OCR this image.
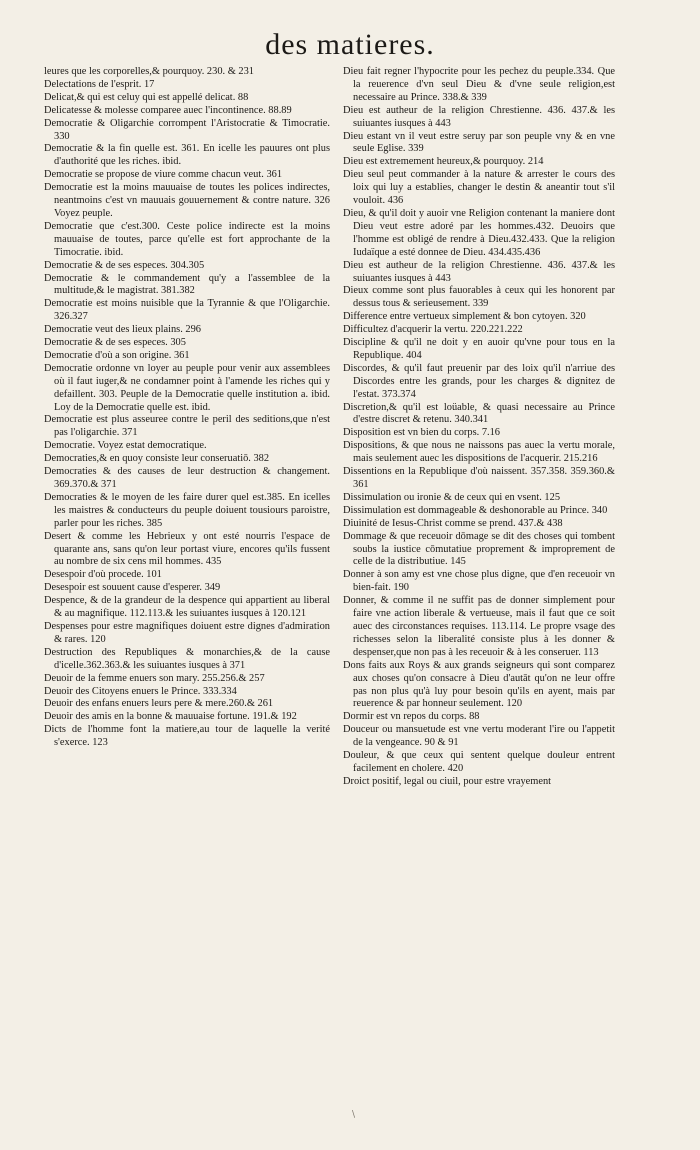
des matieres.

leures que les corporelles,& pourquoy. 230. & 231

Delectations de l'esprit. 17

Delicat,& qui est celuy qui est appellé delicat. 88

Delicatesse & molesse comparee auec l'incontinence. 88.89

Democratie & Oligarchie corrompent l'Aristocratie & Timocratie. 330

Democratie & la fin quelle est. 361. En icelle les pauures ont plus d'authorité que les riches. ibid.

Democratie se propose de viure comme chacun veut. 361

Democratie est la moins mauuaise de toutes les polices indirectes, neantmoins c'est vn mauuais gouuernement & contre nature. 326 Voyez peuple.

Democratie que c'est.300. Ceste police indirecte est la moins mauuaise de toutes, parce qu'elle est fort approchante de la Timocratie. ibid.

Democratie & de ses especes. 304.305

Democratie & le commandement qu'y a l'assemblee de la multitude,& le magistrat. 381.382

Democratie est moins nuisible que la Tyrannie & que l'Oligarchie. 326.327

Democratie veut des lieux plains. 296

Democratie & de ses especes. 305

Democratie d'où a son origine. 361

Democratie ordonne vn loyer au peuple pour venir aux assemblees où il faut iuger,& ne condamner point à l'amende les riches qui y defaillent. 303. Peuple de la Democratie quelle institution a. ibid. Loy de la Democratie quelle est. ibid.

Democratie est plus asseuree contre le peril des seditions,que n'est pas l'oligarchie. 371

Democratie. Voyez estat democratique.

Democraties,& en quoy consiste leur conseruatiō. 382

Democraties & des causes de leur destruction & changement. 369.370.& 371

Democraties & le moyen de les faire durer quel est.385. En icelles les maistres & conducteurs du peuple doiuent tousiours paroistre, parler pour les riches. 385

Desert & comme les Hebrieux y ont esté nourris l'espace de quarante ans, sans qu'on leur portast viure, encores qu'ils fussent au nombre de six cens mil hommes. 435

Desespoir d'où procede. 101

Desespoir est souuent cause d'esperer. 349

Despence, & de la grandeur de la despence qui appartient au liberal & au magnifique. 112.113.& les suiuantes iusques à 120.121

Despenses pour estre magnifiques doiuent estre dignes d'admiration & rares. 120

Destruction des Republiques & monarchies,& de la cause d'icelle.362.363.& les suiuantes iusques à 371

Deuoir de la femme enuers son mary. 255.256.& 257

Deuoir des Citoyens enuers le Prince. 333.334

Deuoir des enfans enuers leurs pere & mere.260.& 261

Deuoir des amis en la bonne & mauuaise fortune. 191.& 192

Dicts de l'homme font la matiere,au tour de laquelle la verité s'exerce. 123

Dieu fait regner l'hypocrite pour les pechez du peuple.334. Que la reuerence d'vn seul Dieu & d'vne seule religion,est necessaire au Prince. 338.& 339

Dieu est autheur de la religion Chrestienne. 436. 437.& les suiuantes iusques à 443

Dieu estant vn il veut estre seruy par son peuple vny & en vne seule Eglise. 339

Dieu est extremement heureux,& pourquoy. 214

Dieu seul peut commander à la nature & arrester le cours des loix qui luy a establies, changer le destin & aneantir tout s'il vouloit. 436

Dieu, & qu'il doit y auoir vne Religion contenant la maniere dont Dieu veut estre adoré par les hommes.432. Deuoirs que l'homme est obligé de rendre à Dieu.432.433. Que la religion Iudaïque a esté donnee de Dieu. 434.435.436

Dieu est autheur de la religion Chrestienne. 436. 437.& les suiuantes iusques à 443

Dieux comme sont plus fauorables à ceux qui les honorent par dessus tous & serieusement. 339

Difference entre vertueux simplement & bon cytoyen. 320

Difficultez d'acquerir la vertu. 220.221.222

Discipline & qu'il ne doit y en auoir qu'vne pour tous en la Republique. 404

Discordes, & qu'il faut preuenir par des loix qu'il n'arriue des Discordes entre les grands, pour les charges & dignitez de l'estat. 373.374

Discretion,& qu'il est loüable, & quasi necessaire au Prince d'estre discret & retenu. 340.341

Disposition est vn bien du corps. 7.16

Dispositions, & que nous ne naissons pas auec la vertu morale, mais seulement auec les dispositions de l'acquerir. 215.216

Dissentions en la Republique d'où naissent. 357.358. 359.360.& 361

Dissimulation ou ironie & de ceux qui en vsent. 125

Dissimulation est dommageable & deshonorable au Prince. 340

Diuinité de Iesus-Christ comme se prend. 437.& 438

Dommage & que receuoir dōmage se dit des choses qui tombent soubs la iustice cōmutatiue proprement & improprement de celle de la distributiue. 145

Donner à son amy est vne chose plus digne, que d'en receuoir vn bien-fait. 190

Donner, & comme il ne suffit pas de donner simplement pour faire vne action liberale & vertueuse, mais il faut que ce soit auec des circonstances requises. 113.114. Le propre vsage des richesses selon la liberalité consiste plus à les donner & despenser,que non pas à les receuoir & à les conseruer. 113

Dons faits aux Roys & aux grands seigneurs qui sont comparez aux choses qu'on consacre à Dieu d'autāt qu'on ne leur offre pas non plus qu'à luy pour besoin qu'ils en ayent, mais par reuerence & par honneur seulement. 120

Dormir est vn repos du corps. 88

Douceur ou mansuetude est vne vertu moderant l'ire ou l'appetit de la vengeance. 90 & 91

Douleur, & que ceux qui sentent quelque douleur entrent facilement en cholere. 420

Droict positif, legal ou ciuil, pour estre vrayement

\
